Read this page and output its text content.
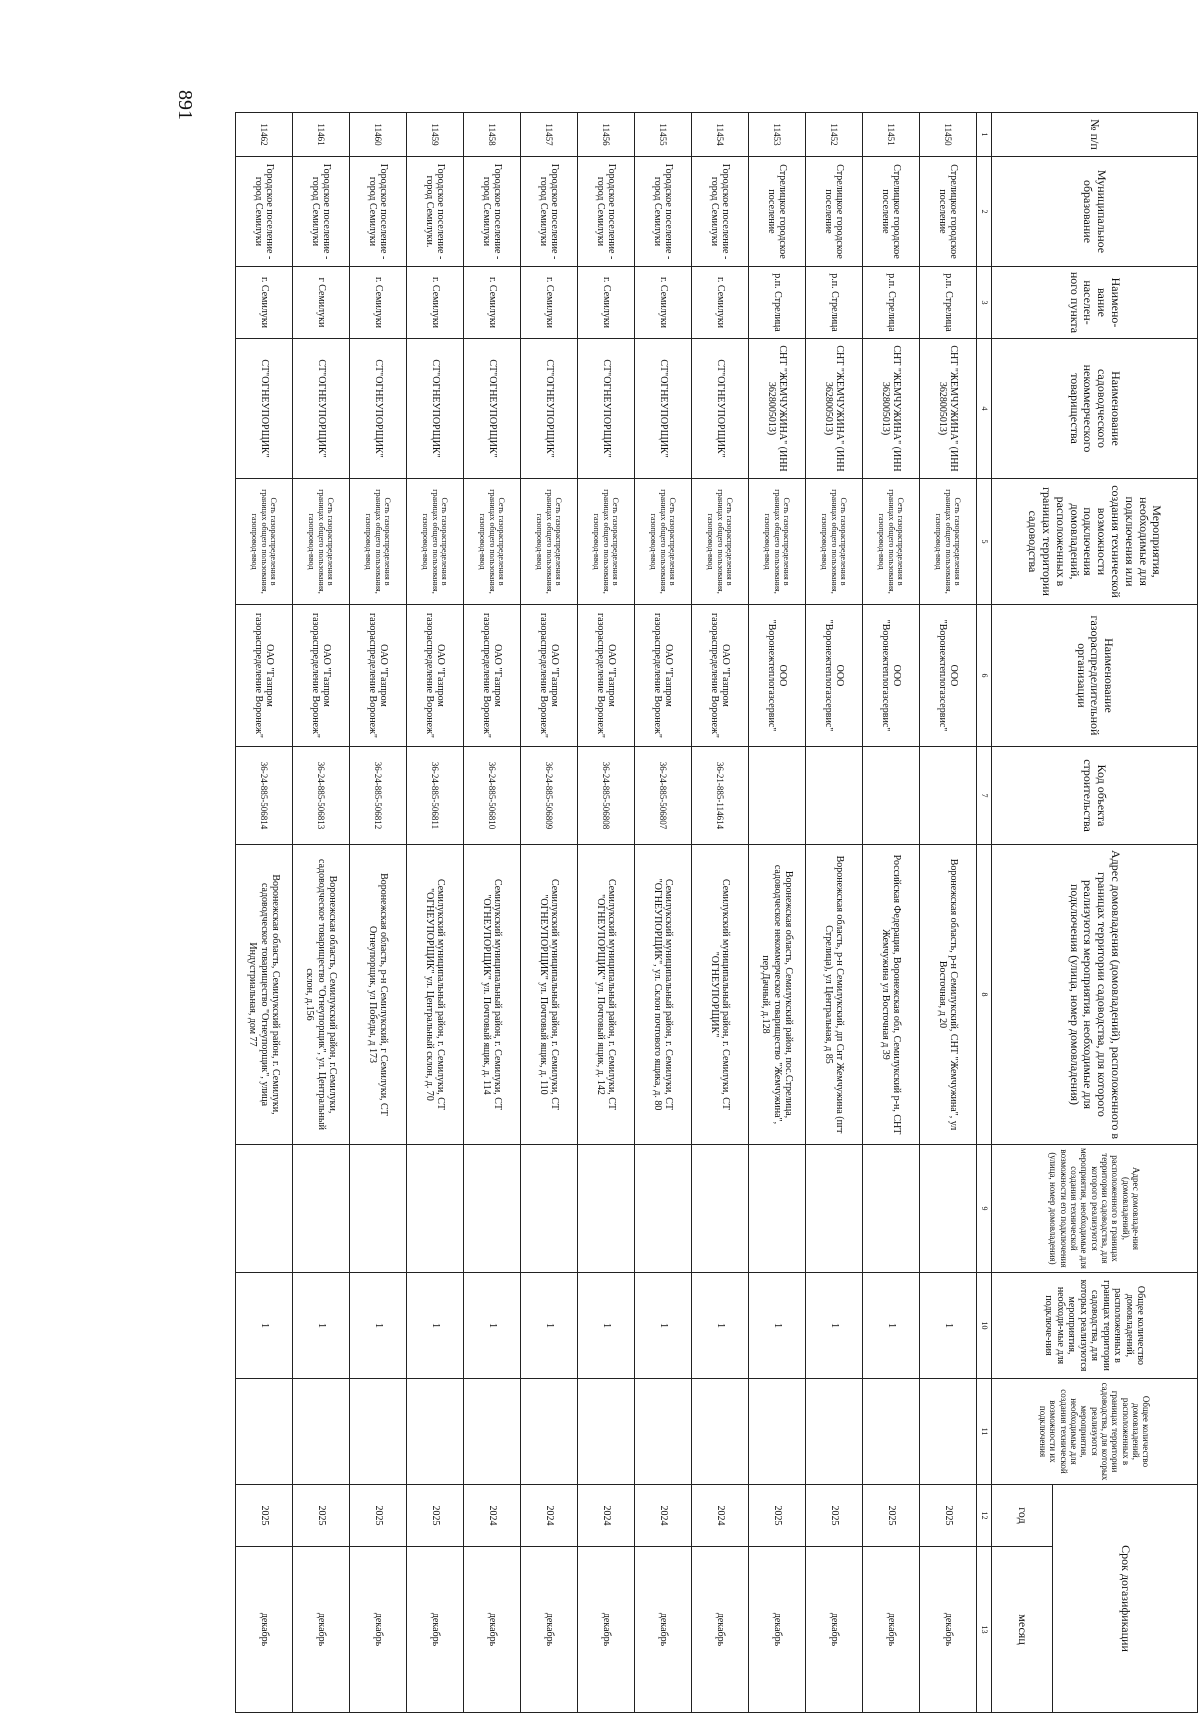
891
№ п/п	Муниципальное образование	Наимено-вание населен-ного пункта	Наименование садоводческого некоммерческого товарищества	Мероприятия, необходимые для подключения или создания технической возможности подключения домовладений, расположенных в границах территории садоводства	Наименование газораспределительной организации	Код объекта строительства	Адрес домовладения (домовладений), расположенного в границах территории садоводства, для которого реализуются мероприятия, необходимые для подключения (улица, номер домовладения)	Адрес домовладе-ния (домовладений), расположенного в границах территории садоводства, для которого реализуются мероприятия, необходимые для создания технической возможности его подключения (улица, номер домовладения)	Общее количество домовладений, расположенных в границах территории садоводства, для которых реализуются мероприятия, необходи-мые для подключе-ния	Общее количество домовладений, расположенных в границах территории садоводства, для которых реализуются мероприятия, необходимые для создания технической возможности их подключения	Срок догазификации	
											год	месяц
1	2	3	4	5	6	7	8	9	10	11	12	13
11450	Стрелицкое городское поселение	р.п. Стрелица	СНТ "ЖЕМЧУЖИНА" (ИНН 3628005013)	Сеть газораспределения в границах общего пользования, газопровод-ввод	ООО "Воронежтеплогазсервис"		Воронежская область, р-н Семилукский, СНТ "Жемчужина", ул Восточная, д 20		1		2025	декабрь
11451	Стрелицкое городское поселение	р.п. Стрелица	СНТ "ЖЕМЧУЖИНА" (ИНН 3628005013)	Сеть газораспределения в границах общего пользования, газопровод-ввод	ООО "Воронежтеплогазсервис"		Российская Федерация, Воронежская обл, Семилукский р-н, СНТ Жемчужина ул Восточная д 39		1		2025	декабрь
11452	Стрелицкое городское поселение	р.п. Стрелица	СНТ "ЖЕМЧУЖИНА" (ИНН 3628005013)	Сеть газораспределения в границах общего пользования, газопровод-ввод	ООО "Воронежтеплогазсервис"		Воронежская область, р-н Семилукский, дп Снт Жемчужина (пгт Стрелица), ул Центральная, д 85		1		2025	декабрь
11453	Стрелицкое городское поселение	р.п. Стрелица	СНТ "ЖЕМЧУЖИНА" (ИНН 3628005013)	Сеть газораспределения в границах общего пользования, газопровод-ввод	ООО "Воронежтеплогазсервис"		Воронежская область, Семилукский район, пос.Стрелица, садоводческое некоммерческое товарищество "Жемчужина", пер.Дачный, д.128		1		2025	декабрь
11454	Городское поселение - город Семилуки	г. Семилуки	СТ"ОГНЕУПОРЩИК"	Сеть газораспределения в границах общего пользования, газопровод-ввод	ОАО "Газпром газораспределение Воронеж"	36-21-885-114614	Семилукский муниципальный район, г. Семилуки, СТ "ОГНЕУПОРЩИК"		1		2024	декабрь
11455	Городское поселение - город Семилуки	г. Семилуки	СТ"ОГНЕУПОРЩИК"	Сеть газораспределения в границах общего пользования, газопровод-ввод	ОАО "Газпром газораспределение Воронеж"	36-24-885-506807	Семилукский муниципальный район, г. Семилуки, СТ "ОГНЕУПОРЩИК", ул. Склон почтового ящика, д. 80		1		2024	декабрь
11456	Городское поселение - город Семилуки	г. Семилуки	СТ"ОГНЕУПОРЩИК"	Сеть газораспределения в границах общего пользования, газопровод-ввод	ОАО "Газпром газораспределение Воронеж"	36-24-885-506808	Семилукский муниципальный район, г. Семилуки, СТ "ОГНЕУПОРЩИК" ул. Почтовый ящик, д. 142		1		2024	декабрь
11457	Городское поселение - город Семилуки	г. Семилуки	СТ"ОГНЕУПОРЩИК"	Сеть газораспределения в границах общего пользования, газопровод-ввод	ОАО "Газпром газораспределение Воронеж"	36-24-885-506809	Семилукский муниципальный район, г. Семилуки, СТ "ОГНЕУПОРЩИК" ул. Почтовый ящик, д. 110		1		2024	декабрь
11458	Городское поселение - город Семилуки	г. Семилуки	СТ"ОГНЕУПОРЩИК"	Сеть газораспределения в границах общего пользования, газопровод-ввод	ОАО "Газпром газораспределение Воронеж"	36-24-885-506810	Семилукский муниципальный район, г. Семилуки, СТ "ОГНЕУПОРЩИК" ул. Почтовый ящик, д. 114		1		2024	декабрь
11459	Городское поселение - город Семилуки.	г. Семилуки	СТ"ОГНЕУПОРЩИК"	Сеть газораспределения в границах общего пользования, газопровод-ввод	ОАО "Газпром газораспределение Воронеж"	36-24-885-506811	Семилукский муниципальный район, г. Семилуки, СТ "ОГНЕУПОРЩИК" ул. Центральный склон, д. 70		1		2025	декабрь
11460	Городское поселение - город Семилуки	г. Семилуки	СТ"ОГНЕУПОРЩИК"	Сеть газораспределения в границах общего пользования, газопровод-ввод	ОАО "Газпром газораспределение Воронеж"	36-24-885-506812	Воронежская область, р-н Семилукский, г Семилуки, СТ Огнеупорщик, ул Победы, д 173		1		2025	декабрь
11461	Городское поселение - город Семилуки	г Семилуки	СТ"ОГНЕУПОРЩИК"	Сеть газораспределения в границах общего пользования, газопровод-ввод	ОАО "Газпром газораспределение Воронеж"	36-24-885-506813	Воронежская область, Семилукский район, г.Семилуки, садоводческое товарищество "Огнеупорщик", ул. Центральный склон, д.156		1		2025	декабрь
11462	Городское поселение - город Семилуки	г. Семилуки	СТ"ОГНЕУПОРЩИК"	Сеть газораспределения в границах общего пользования, газопровод-ввод	ОАО "Газпром газораспределение Воронеж"	36-24-885-506814	Воронежская область, Семилукский район, г. Семилуки, садоводческое товарищество "Огнеупорщик", улица Индустриальная, дом 77		1		2025	декабрь
